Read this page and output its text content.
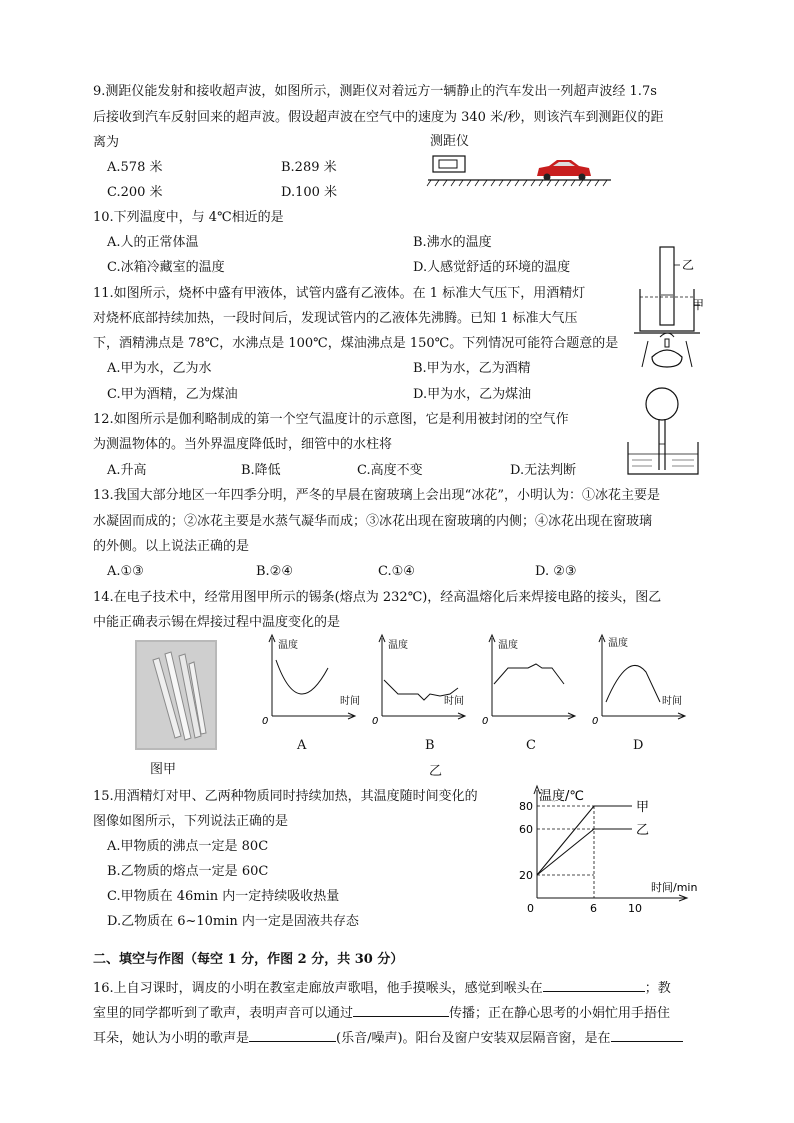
9.测距仪能发射和接收超声波，如图所示，测距仪对着远方一辆静止的汽车发出一列超声波经 1.7s
后接收到汽车反射回来的超声波。假设超声波在空气中的速度为 340 米/秒，则该汽车到测距仪的距
离为
A.578 米	B.289 米
C.200 米	D.100 米
测距仪
10.下列温度中，与 4℃相近的是
A.人的正常体温	B.沸水的温度
C.冰箱冷藏室的温度	D.人感觉舒适的环境的温度
11.如图所示，烧杯中盛有甲液体，试管内盛有乙液体。在 1 标准大气压下，用酒精灯
对烧杯底部持续加热，一段时间后，发现试管内的乙液体先沸腾。已知 1 标准大气压
下，酒精沸点是 78℃，水沸点是 100℃，煤油沸点是 150℃。下列情况可能符合题意的是
A.甲为水，乙为水	B.甲为水，乙为酒精
C.甲为酒精，乙为煤油	D.甲为水，乙为煤油
乙
甲
12.如图所示是伽利略制成的第一个空气温度计的示意图，它是利用被封闭的空气作
为测温物体的。当外界温度降低时，细管中的水柱将
A.升高	B.降低	C.高度不变	D.无法判断
13.我国大部分地区一年四季分明，严冬的早晨在窗玻璃上会出现“冰花”，小明认为：①冰花主要是
水凝固而成的；②冰花主要是水蒸气凝华而成；③冰花出现在窗玻璃的内侧；④冰花出现在窗玻璃
的外侧。以上说法正确的是
A.①③	B.②④	C.①④	D. ②③
14.在电子技术中，经常用图甲所示的锡条(熔点为 232℃)，经高温熔化后来焊接电路的接头，图乙
中能正确表示锡在焊接过程中温度变化的是
图甲
温度
时间
0
温度
时间
0
温度
0
温度
时间
0
A	B	C	D
乙
15.用酒精灯对甲、乙两种物质同时持续加热，其温度随时间变化的
图像如图所示，下列说法正确的是
A.甲物质的沸点一定是 80C
B.乙物质的熔点一定是 60C
C.甲物质在 46min 内一定持续吸收热量
D.乙物质在 6~10min 内一定是固液共存态
温度/℃
时间/min
20
60
80
0	6	10
甲
乙
二、填空与作图（每空 1 分，作图 2 分，共 30 分）
16.上自习课时，调皮的小明在教室走廊放声歌唱，他手摸喉头，感觉到喉头在	；教
室里的同学都听到了歌声，表明声音可以通过	传播；正在静心思考的小娟忙用手捂住
耳朵，她认为小明的歌声是	(乐音/噪声)。阳台及窗户安装双层隔音窗，是在
